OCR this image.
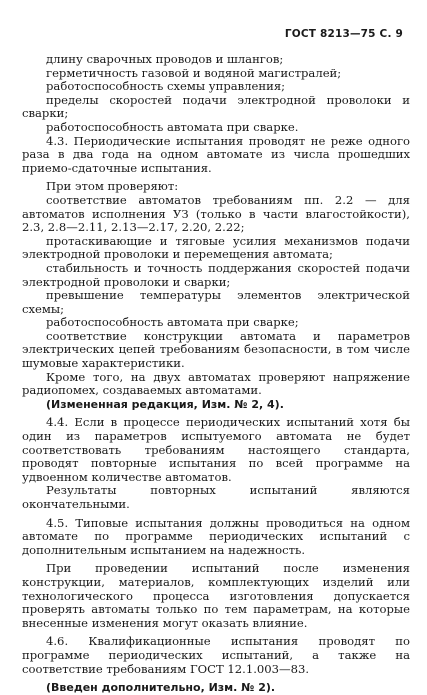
ГОСТ 8213—75 С. 9

длину сварочных проводов и шлангов;

герметичность газовой и водяной магистралей;

работоспособность схемы управления;

пределы скоростей подачи электродной проволоки и сварки;

работоспособность автомата при сварке.

4.3. Периодические испытания проводят не реже одного раза в два года на одном автомате из числа прошедших приемо-сдаточные испытания.

При этом проверяют:

соответствие автоматов требованиям пп. 2.2 — для автоматов исполнения УЗ (только в части влагостойкости), 2.3, 2.8—2.11, 2.13—2.17, 2.20, 2.22;

протаскивающие и тяговые усилия механизмов подачи электродной проволоки и перемещения автомата;

стабильность и точность поддержания скоростей подачи электродной проволоки и сварки;

превышение температуры элементов электрической схемы;

работоспособность автомата при сварке;

соответствие конструкции автомата и параметров электрических цепей требованиям безопасности, в том числе шумовые характеристики.

Кроме того, на двух автоматах проверяют напряжение радиопомех, создаваемых автоматами.

(Измененная редакция, Изм. № 2, 4).

4.4. Если в процессе периодических испытаний хотя бы один из параметров испытуемого автомата не будет соответствовать требованиям настоящего стандарта, проводят повторные испытания по всей программе на удвоенном количестве автоматов.

Результаты повторных испытаний являются окончательными.

4.5. Типовые испытания должны проводиться на одном автомате по программе периодических испытаний с дополнительным испытанием на надежность.

При проведении испытаний после изменения конструкции, материалов, комплектующих изделий или технологического процесса изготовления допускается проверять автоматы только по тем параметрам, на которые внесенные изменения могут оказать влияние.

4.6. Квалификационные испытания проводят по программе периодических испытаний, а также на соответствие требованиям ГОСТ 12.1.003—83.

(Введен дополнительно, Изм. № 2).
